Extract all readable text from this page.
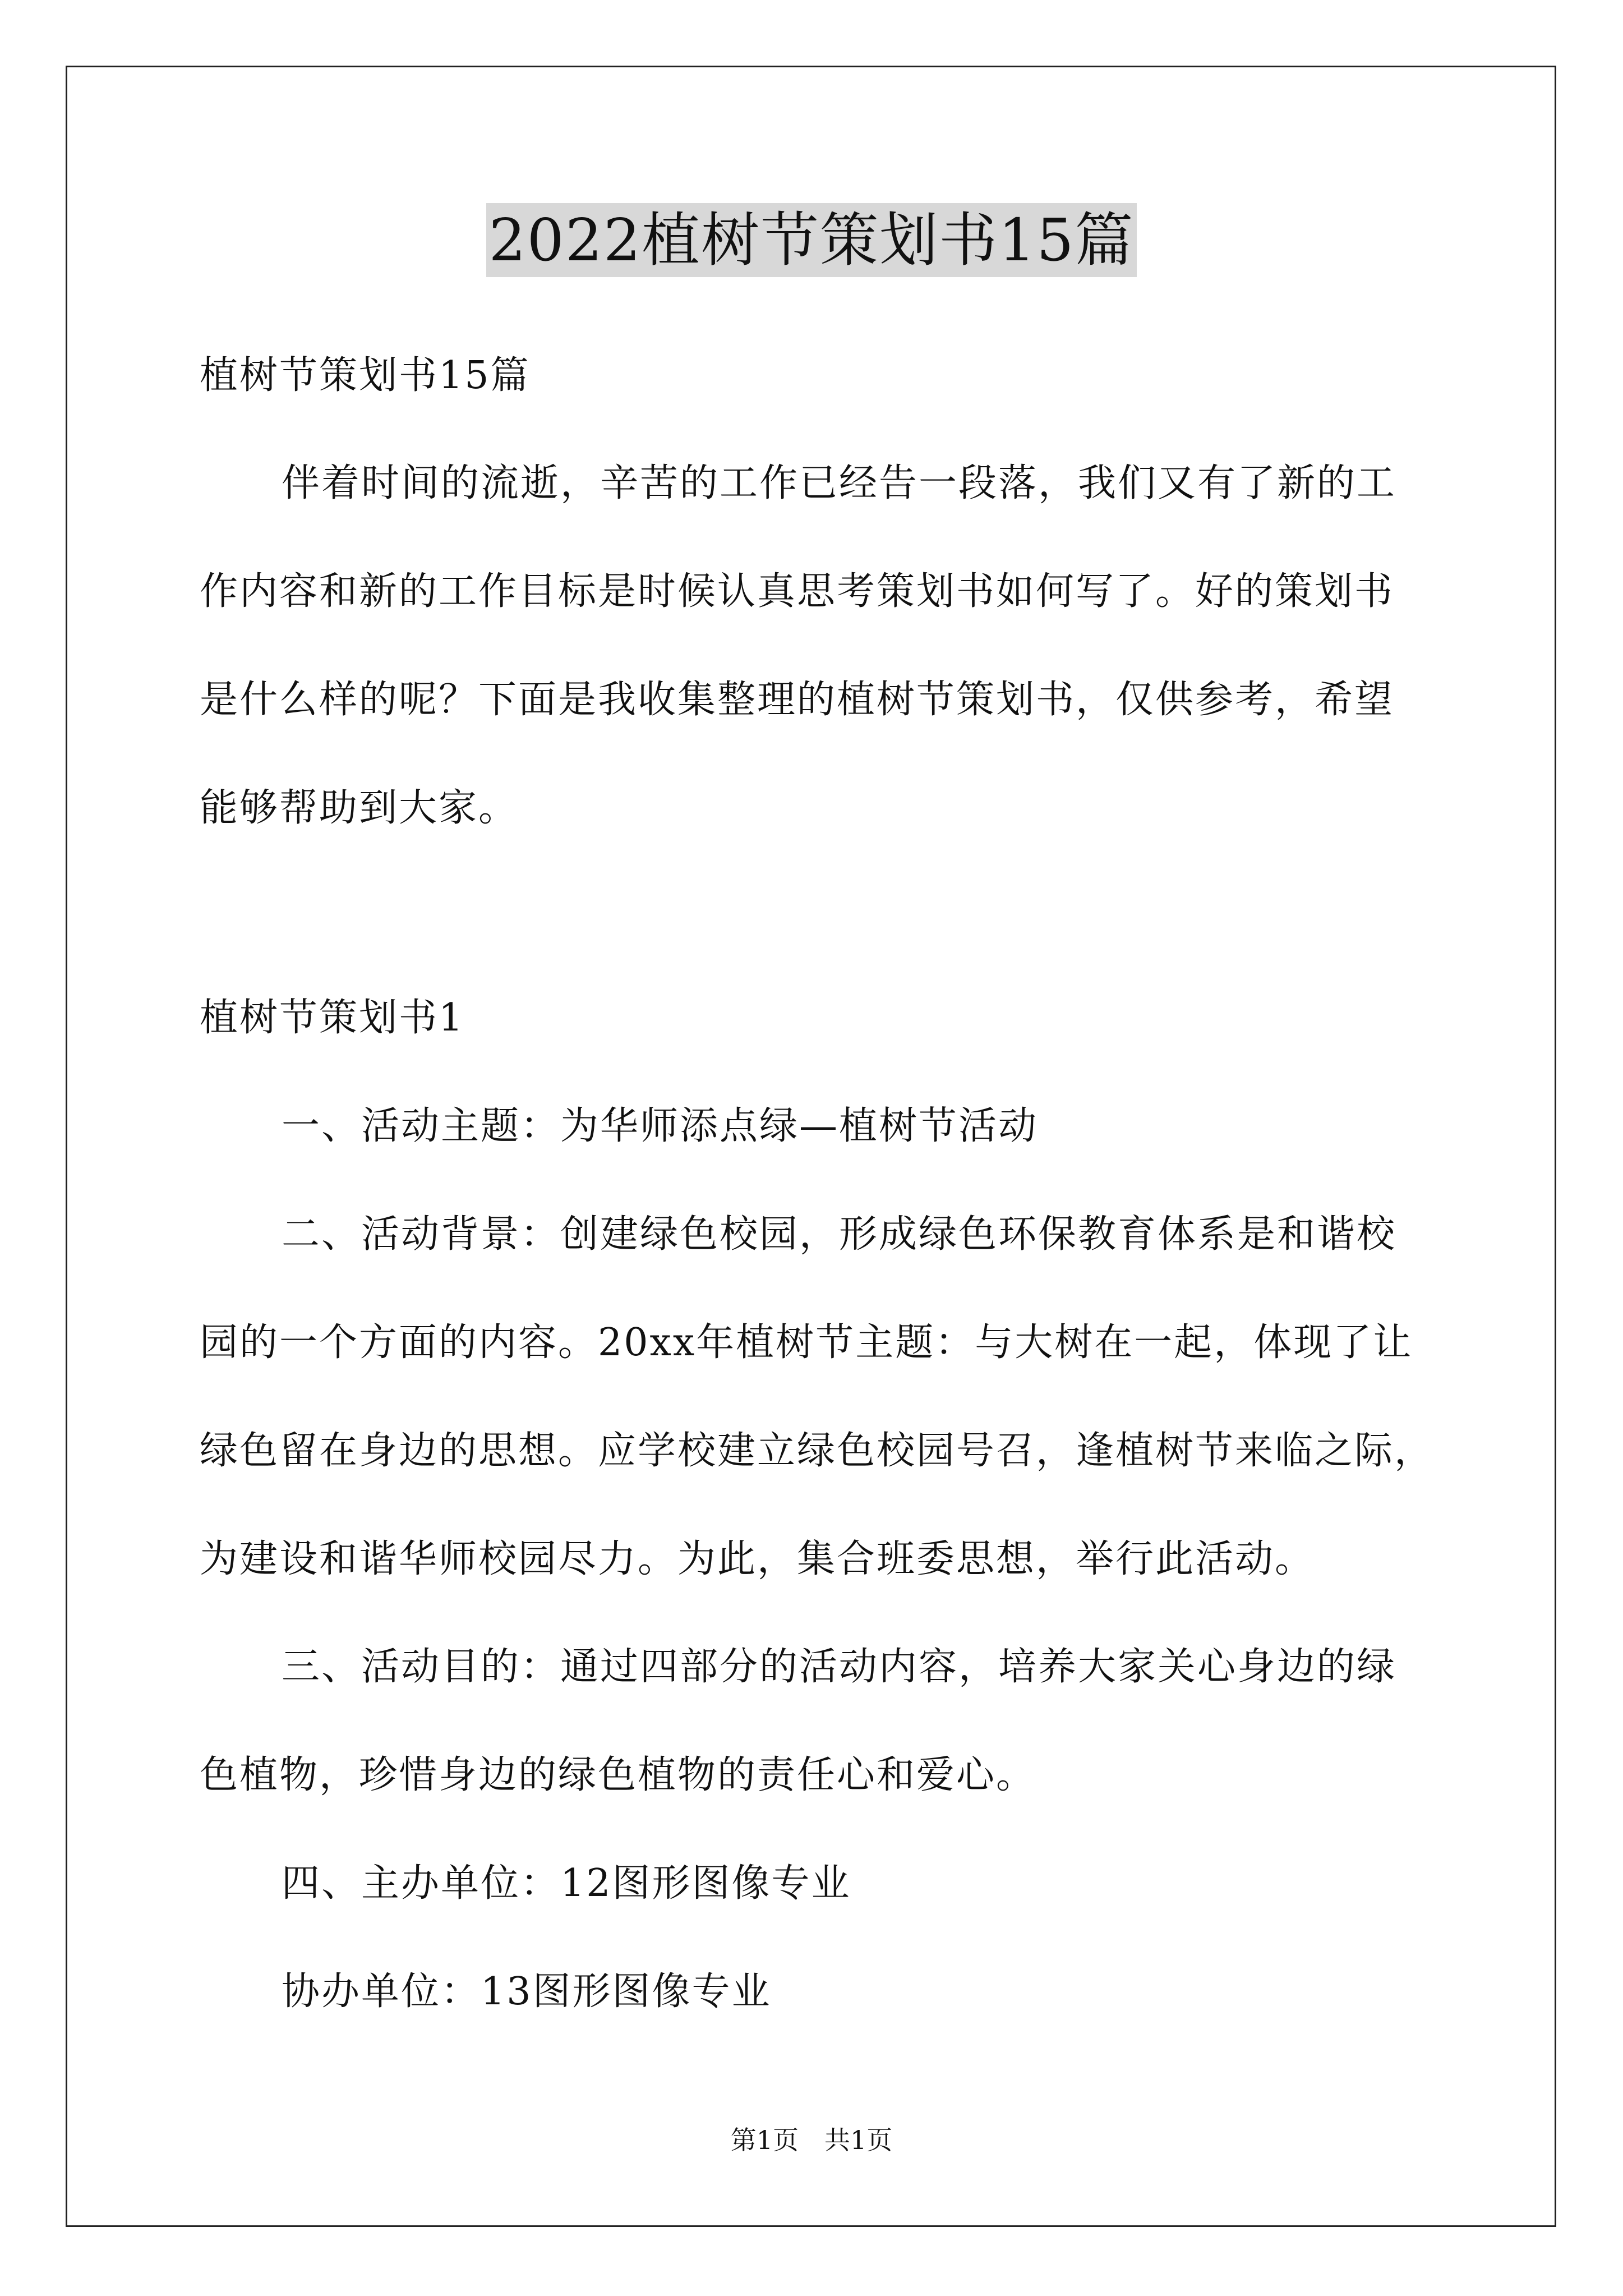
2022植树节策划书15篇
植树节策划书15篇
伴着时间的流逝，辛苦的工作已经告一段落，我们又有了新的工
作内容和新的工作目标是时候认真思考策划书如何写了。好的策划书
是什么样的呢？下面是我收集整理的植树节策划书，仅供参考，希望
能够帮助到大家。
植树节策划书1
一、活动主题：为华师添点绿—植树节活动
二、活动背景：创建绿色校园，形成绿色环保教育体系是和谐校
园的一个方面的内容。20xx年植树节主题：与大树在一起，体现了让
绿色留在身边的思想。应学校建立绿色校园号召，逢植树节来临之际，
为建设和谐华师校园尽力。为此，集合班委思想，举行此活动。
三、活动目的：通过四部分的活动内容，培养大家关心身边的绿
色植物，珍惜身边的绿色植物的责任心和爱心。
四、主办单位：12图形图像专业
协办单位：13图形图像专业
第1页　共1页
